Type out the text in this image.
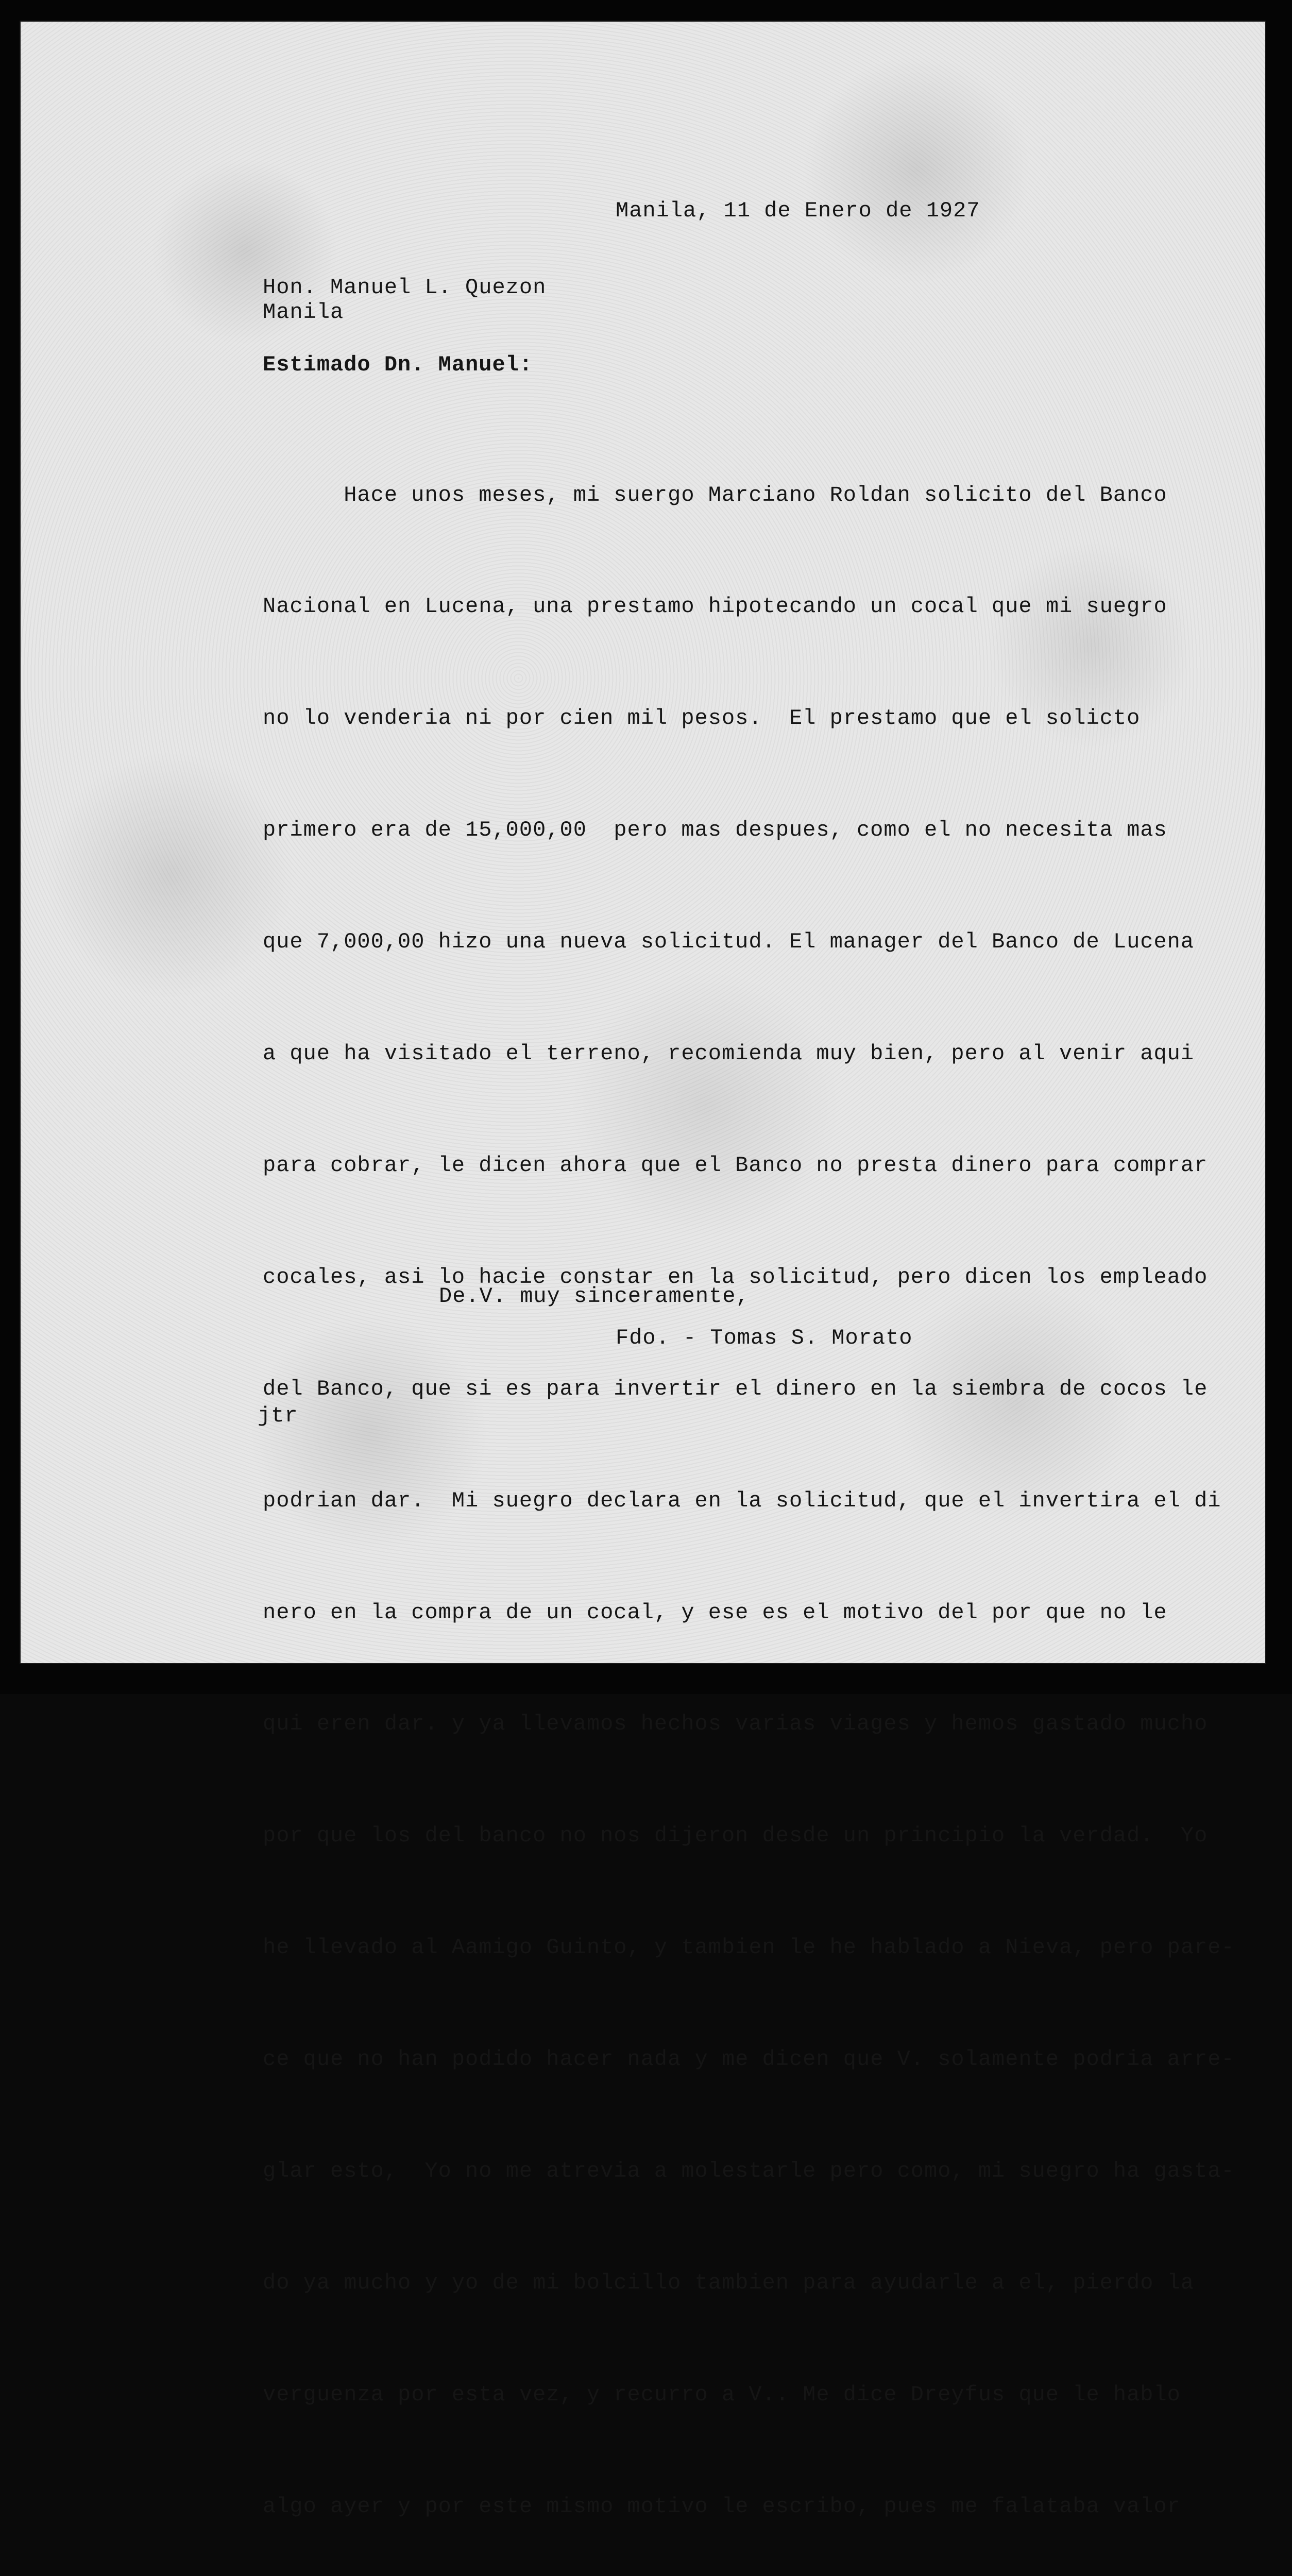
Manila, 11 de Enero de 1927
Hon. Manuel L. Quezon
Manila
Estimado Dn. Manuel:

Hace unos meses, mi suergo Marciano Roldan solicito del Banco

Nacional en Lucena, una prestamo hipotecando un cocal que mi suegro

no lo venderia ni por cien mil pesos.  El prestamo que el solicto

primero era de 15,000,00  pero mas despues, como el no necesita mas

que 7,000,00 hizo una nueva solicitud. El manager del Banco de Lucena

a que ha visitado el terreno, recomienda muy bien, pero al venir aqui

para cobrar, le dicen ahora que el Banco no presta dinero para comprar

cocales, asi lo hacie constar en la solicitud, pero dicen los empleado

del Banco, que si es para invertir el dinero en la siembra de cocos le

podrian dar.  Mi suegro declara en la solicitud, que el invertira el di

nero en la compra de un cocal, y ese es el motivo del por que no le

qui eren dar. y ya llevamos hechos varias viages y hemos gastado mucho

por que los del banco no nos dijeron desde un principio la verdad.  Yo

he llevado al Aamigo Guinto, y tambien le he hablado a Nieva, pero pare-

ce que no han podido hacer nada y me dicen que V. solamente podria arre-

glar esto,  Yo no me atrevia a molestarle pero como, mi suegro ha gasta-

do ya mucho y yo de mi bolcillo tambien para ayudarle a el, pierdo la

verguenza por esta vez, y recurro a V.. Me dice Dreyfus que le hablo

algo ayer y por este mismo motivo le escribo, pues me falataba valor

De.V. muy sinceramente,
Fdo. - Tomas S. Morato
jtr
